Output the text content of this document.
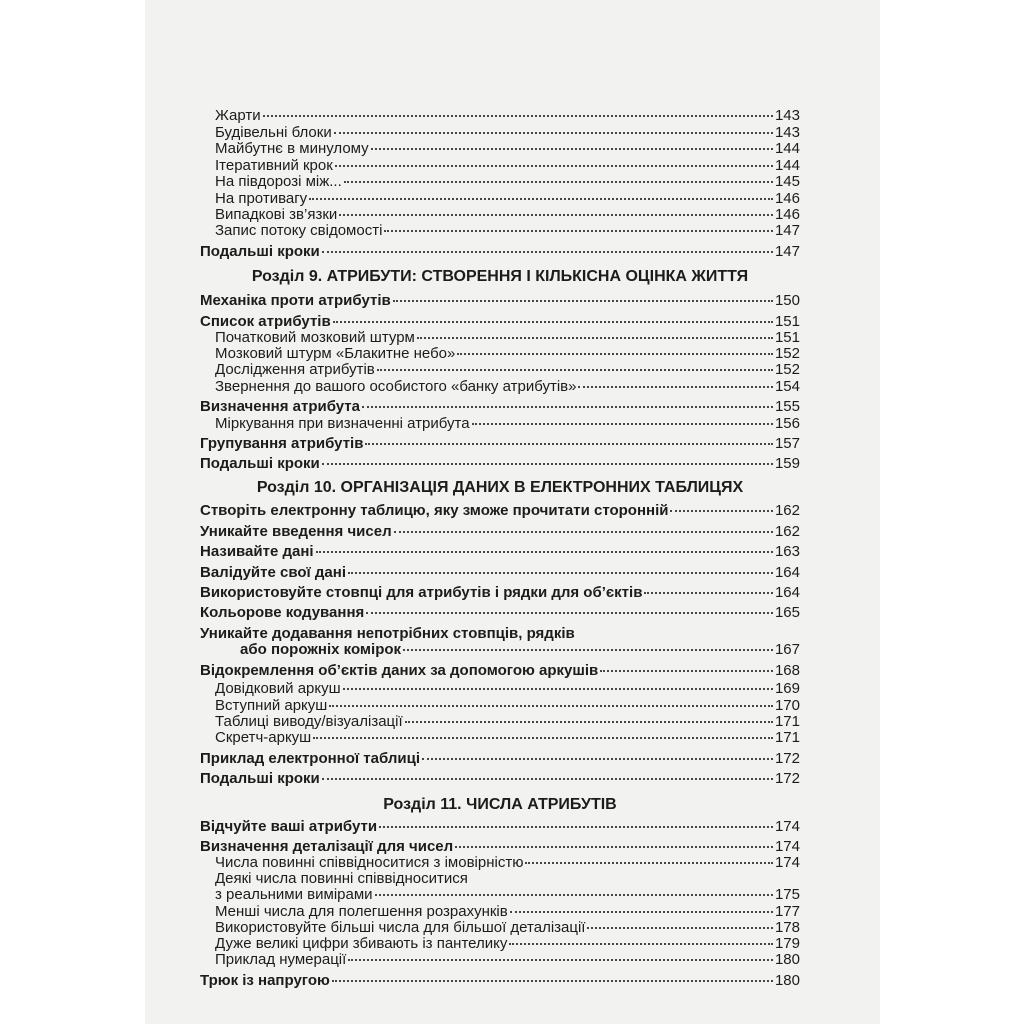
Жарти	143
Будівельні блоки	143
Майбутнє в минулому	144
Ітеративний крок	144
На півдорозі між...	145
На противагу	146
Випадкові зв’язки	146
Запис потоку свідомості	147
Подальші кроки	147
Розділ 9. АТРИБУТИ: СТВОРЕННЯ І КІЛЬКІСНА ОЦІНКА ЖИТТЯ
Механіка проти атрибутів	150
Список атрибутів	151
Початковий мозковий штурм	151
Мозковий штурм «Блакитне небо»	152
Дослідження атрибутів	152
Звернення до вашого особистого «банку атрибутів»	154
Визначення атрибута	155
Міркування при визначенні атрибута	156
Групування атрибутів	157
Подальші кроки	159
Розділ 10. ОРГАНІЗАЦІЯ ДАНИХ В ЕЛЕКТРОННИХ ТАБЛИЦЯХ
Створіть електронну таблицю, яку зможе прочитати сторонній	162
Уникайте введення чисел	162
Називайте дані	163
Валідуйте свої дані	164
Використовуйте стовпці для атрибутів і рядки для об’єктів	164
Кольорове кодування	165
Уникайте додавання непотрібних стовпців, рядків
або порожніх комірок	167
Відокремлення об’єктів даних за допомогою аркушів	168
Довідковий аркуш	169
Вступний аркуш	170
Таблиці виводу/візуалізації	171
Скретч-аркуш	171
Приклад електронної таблиці	172
Подальші кроки	172
Розділ 11. ЧИСЛА АТРИБУТІВ
Відчуйте ваші атрибути	174
Визначення деталізації для чисел	174
Числа повинні співвідноситися з імовірністю	174
Деякі числа повинні співвідноситися
з реальними вимірами	175
Менші числа для полегшення розрахунків	177
Використовуйте більші числа для більшої деталізації	178
Дуже великі цифри збивають із пантелику	179
Приклад нумерації	180
Трюк із напругою	180
